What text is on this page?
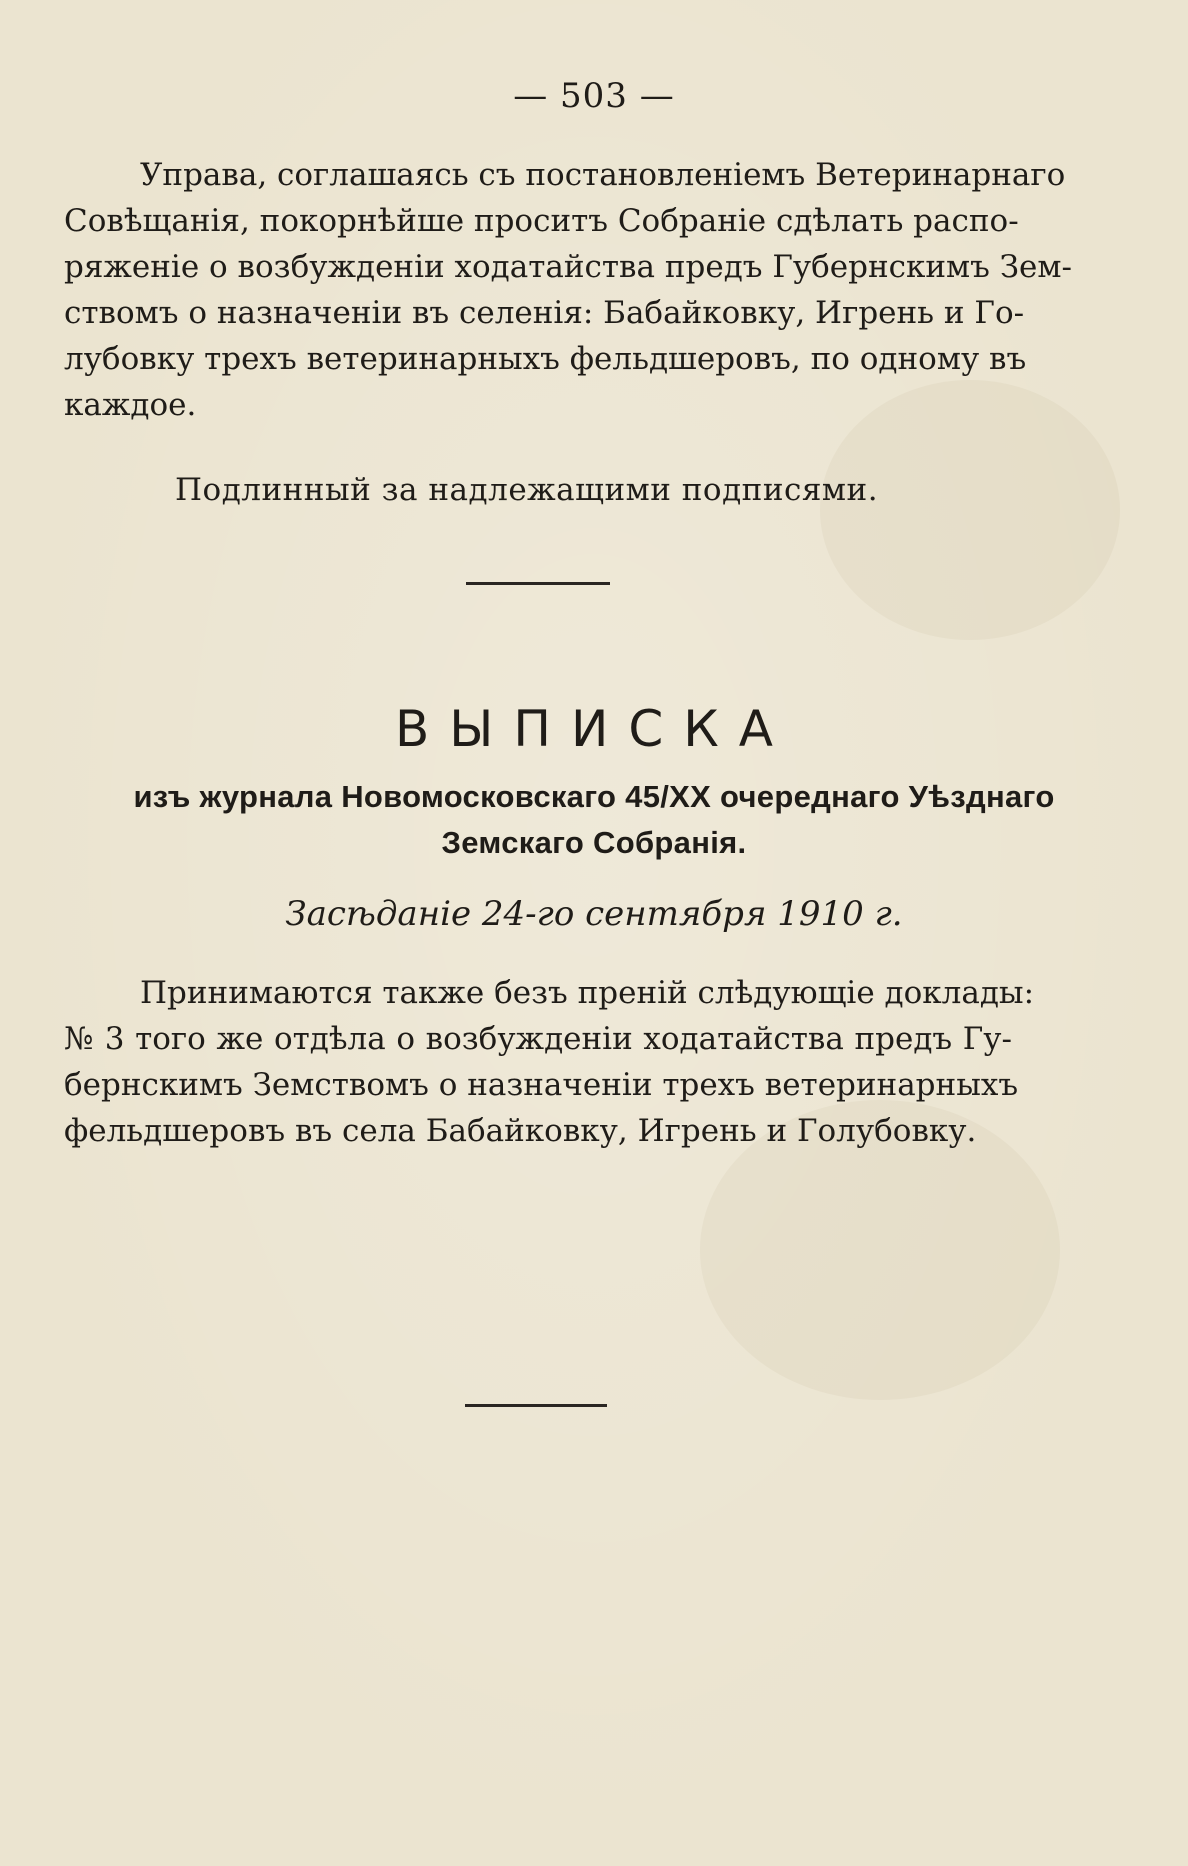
— 503 —
Управа, соглашаясь съ постановленіемъ Ветеринарнаго
Совѣщанія, покорнѣйше проситъ Собраніе сдѣлать распо-
ряженіе о возбужденіи ходатайства предъ Губернскимъ Зем-
ствомъ о назначеніи въ селенія: Бабайковку, Игрень и Го-
лубовку трехъ ветеринарныхъ фельдшеровъ, по одному въ
каждое.
Подлинный за надлежащими подписями.
ВЫПИСКА
изъ журнала Новомосковскаго 45/XX очереднаго Уѣзднаго
Земскаго Собранія.
Засѣданіе 24-го сентября 1910 г.
Принимаются также безъ преній слѣдующіе доклады:
№ 3 того же отдѣла о возбужденіи ходатайства предъ Гу-
бернскимъ Земствомъ о назначеніи трехъ ветеринарныхъ
фельдшеровъ въ села Бабайковку, Игрень и Голубовку.
